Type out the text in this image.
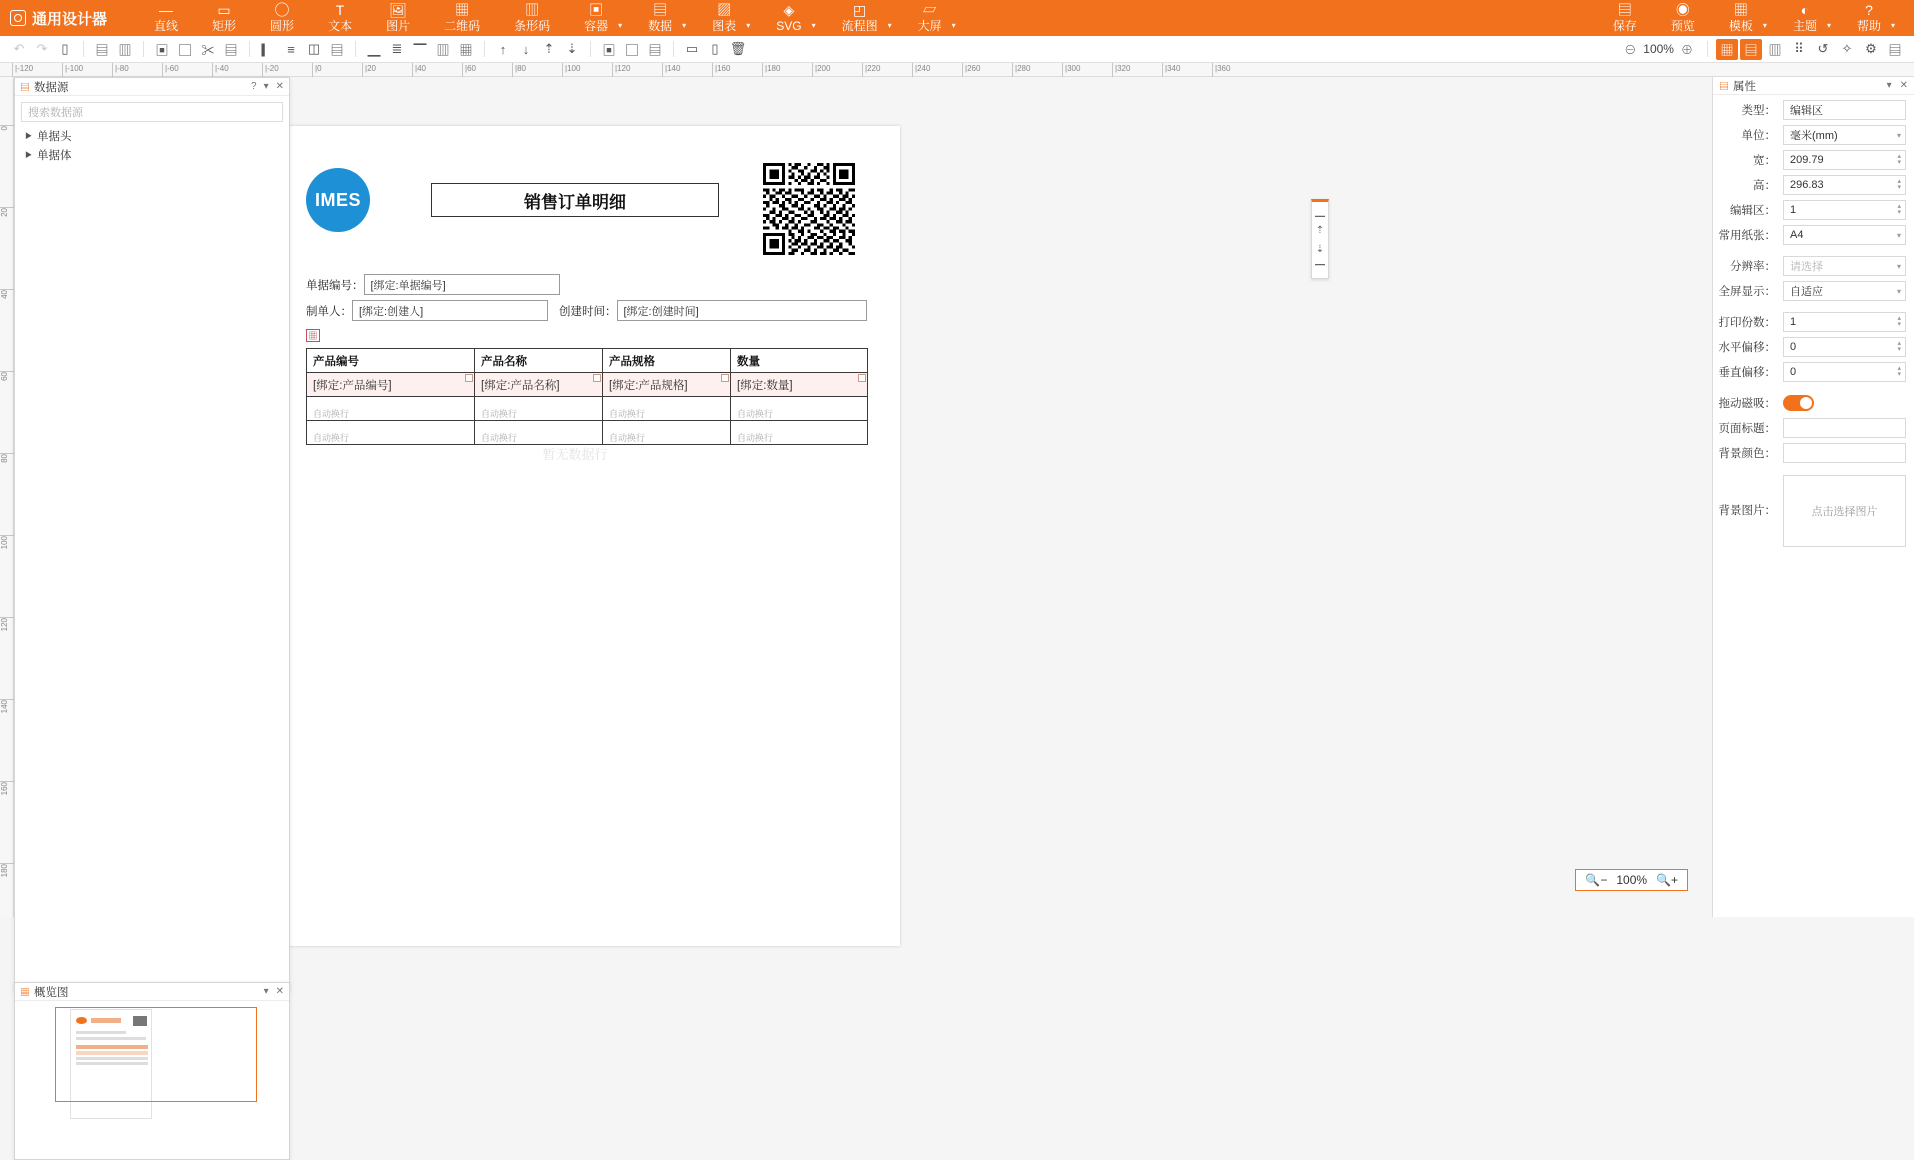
通用设计器
―
直线
▭
矩形
◯
圆形
T
文本
🖼
图片
▦
二维码
▥
条形码
▣
容器 ▾
▤
数据 ▾
▨
图表 ▾
◈
SVG ▾
◰
流程图 ▾
▱
大屏 ▾
▤
保存
◉
预览
▦
模板 ▾
◐
主题 ▾
?
帮助 ▾
↶ ↷ ▯ ▤ ▥ ▣ ▢ ✂ ▤ ▎ ≡ ◫ ▤ ▁ ≣ ▔ ▥ ▦ ↑ ↓ ⇡ ⇣ ▣ ▢ ▤ ▭ ▯ 🗑	⊖ 100% ⊕ ▦ ▤ ▥ ⠿ ↺ ✧ ⚙ ▤
|-120	|-100	|-80	|-60	|-40	|-20	|0	|20	|40	|60	|80	|100	|120	|140	|160	|180	|200	|220	|240	|260	|280	|300	|320	|340	|360
0
20
40
60
80
100
120
140
160
180
▁
⇡
⇣
▔
IMES	销售订单明细
单据编号： [绑定:单据编号]
制单人： [绑定:创建人]	创建时间： [绑定:创建时间]
▦
产品编号	产品名称	产品规格	数量
[绑定:产品编号]	[绑定:产品名称]	[绑定:产品规格]	[绑定:数量]
自动换行	自动换行	自动换行	自动换行
自动换行	自动换行	自动换行	自动换行
暂无数据行
🔍− 100% 🔍+
▤ 数据源	? ▾ ✕
搜索数据源
▶ 单据头
▶ 单据体
▦ 概览图	▾ ✕
▤ 属性	▾ ✕
类型：	编辑区
单位：	毫米(mm)	▾
宽：	209.79	▴
▾
高：	296.83	▴
▾
编辑区：	1	▴
▾
常用纸张：	A4	▾
分辨率：	请选择	▾
全屏显示：	自适应	▾
打印份数：	1	▴
▾
水平偏移：	0	▴
▾
垂直偏移：	0	▴
▾
拖动磁吸：
页面标题：
背景颜色：
背景图片：	点击选择图片
